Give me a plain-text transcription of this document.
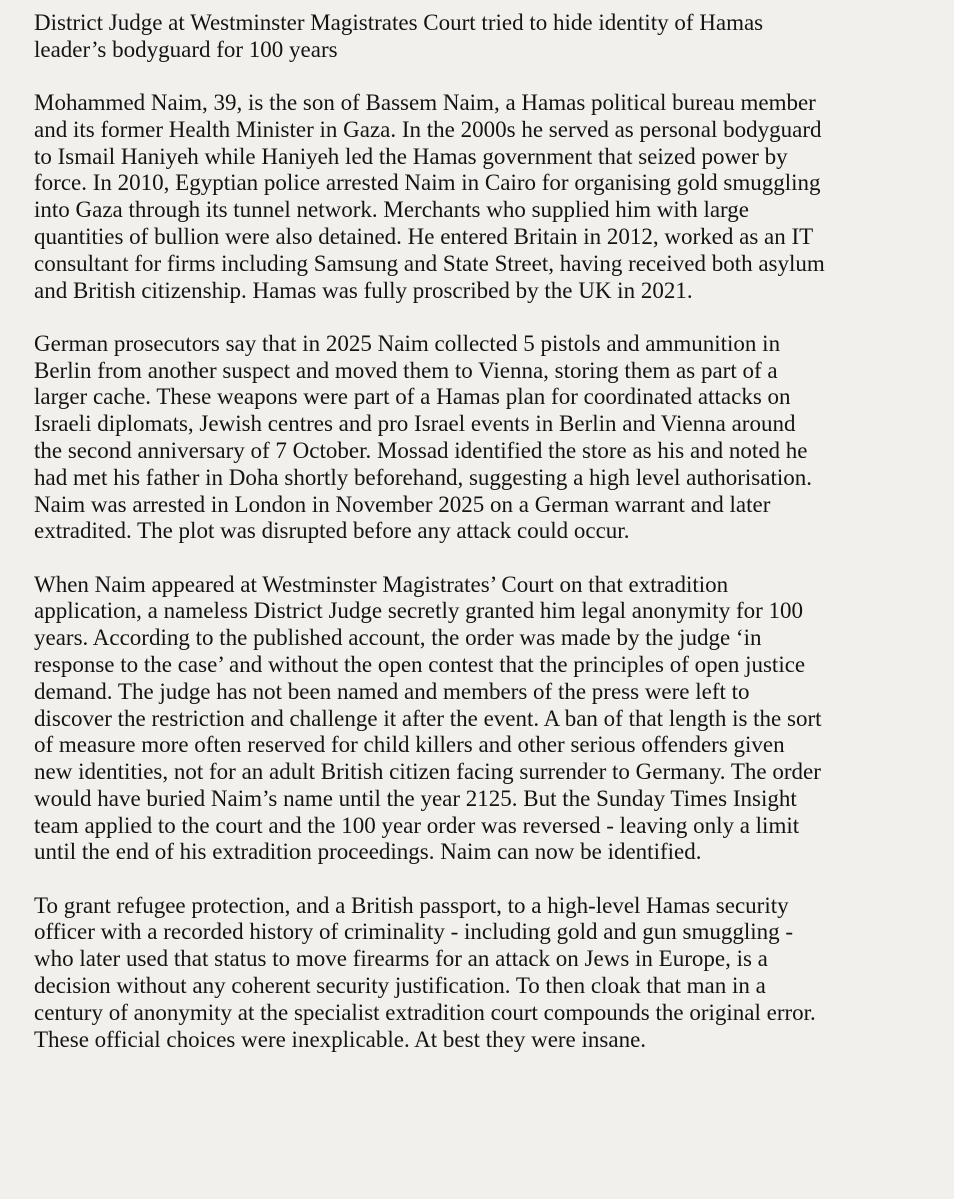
District Judge at Westminster Magistrates Court tried to hide identity of Hamas
leader’s bodyguard for 100 years

Mohammed Naim, 39, is the son of Bassem Naim, a Hamas political bureau member
and its former Health Minister in Gaza. In the 2000s he served as personal bodyguard
to Ismail Haniyeh while Haniyeh led the Hamas government that seized power by
force. In 2010, Egyptian police arrested Naim in Cairo for organising gold smuggling
into Gaza through its tunnel network. Merchants who supplied him with large
quantities of bullion were also detained. He entered Britain in 2012, worked as an IT
consultant for firms including Samsung and State Street, having received both asylum
and British citizenship. Hamas was fully proscribed by the UK in 2021.

German prosecutors say that in 2025 Naim collected 5 pistols and ammunition in
Berlin from another suspect and moved them to Vienna, storing them as part of a
larger cache. These weapons were part of a Hamas plan for coordinated attacks on
Israeli diplomats, Jewish centres and pro Israel events in Berlin and Vienna around
the second anniversary of 7 October. Mossad identified the store as his and noted he
had met his father in Doha shortly beforehand, suggesting a high level authorisation.
Naim was arrested in London in November 2025 on a German warrant and later
extradited. The plot was disrupted before any attack could occur.

When Naim appeared at Westminster Magistrates’ Court on that extradition
application, a nameless District Judge secretly granted him legal anonymity for 100
years. According to the published account, the order was made by the judge ‘in
response to the case’ and without the open contest that the principles of open justice
demand. The judge has not been named and members of the press were left to
discover the restriction and challenge it after the event. A ban of that length is the sort
of measure more often reserved for child killers and other serious offenders given
new identities, not for an adult British citizen facing surrender to Germany. The order
would have buried Naim’s name until the year 2125. But the Sunday Times Insight
team applied to the court and the 100 year order was reversed - leaving only a limit
until the end of his extradition proceedings. Naim can now be identified.

To grant refugee protection, and a British passport, to a high-level Hamas security
officer with a recorded history of criminality - including gold and gun smuggling -
who later used that status to move firearms for an attack on Jews in Europe, is a
decision without any coherent security justification. To then cloak that man in a
century of anonymity at the specialist extradition court compounds the original error.
These official choices were inexplicable. At best they were insane.
